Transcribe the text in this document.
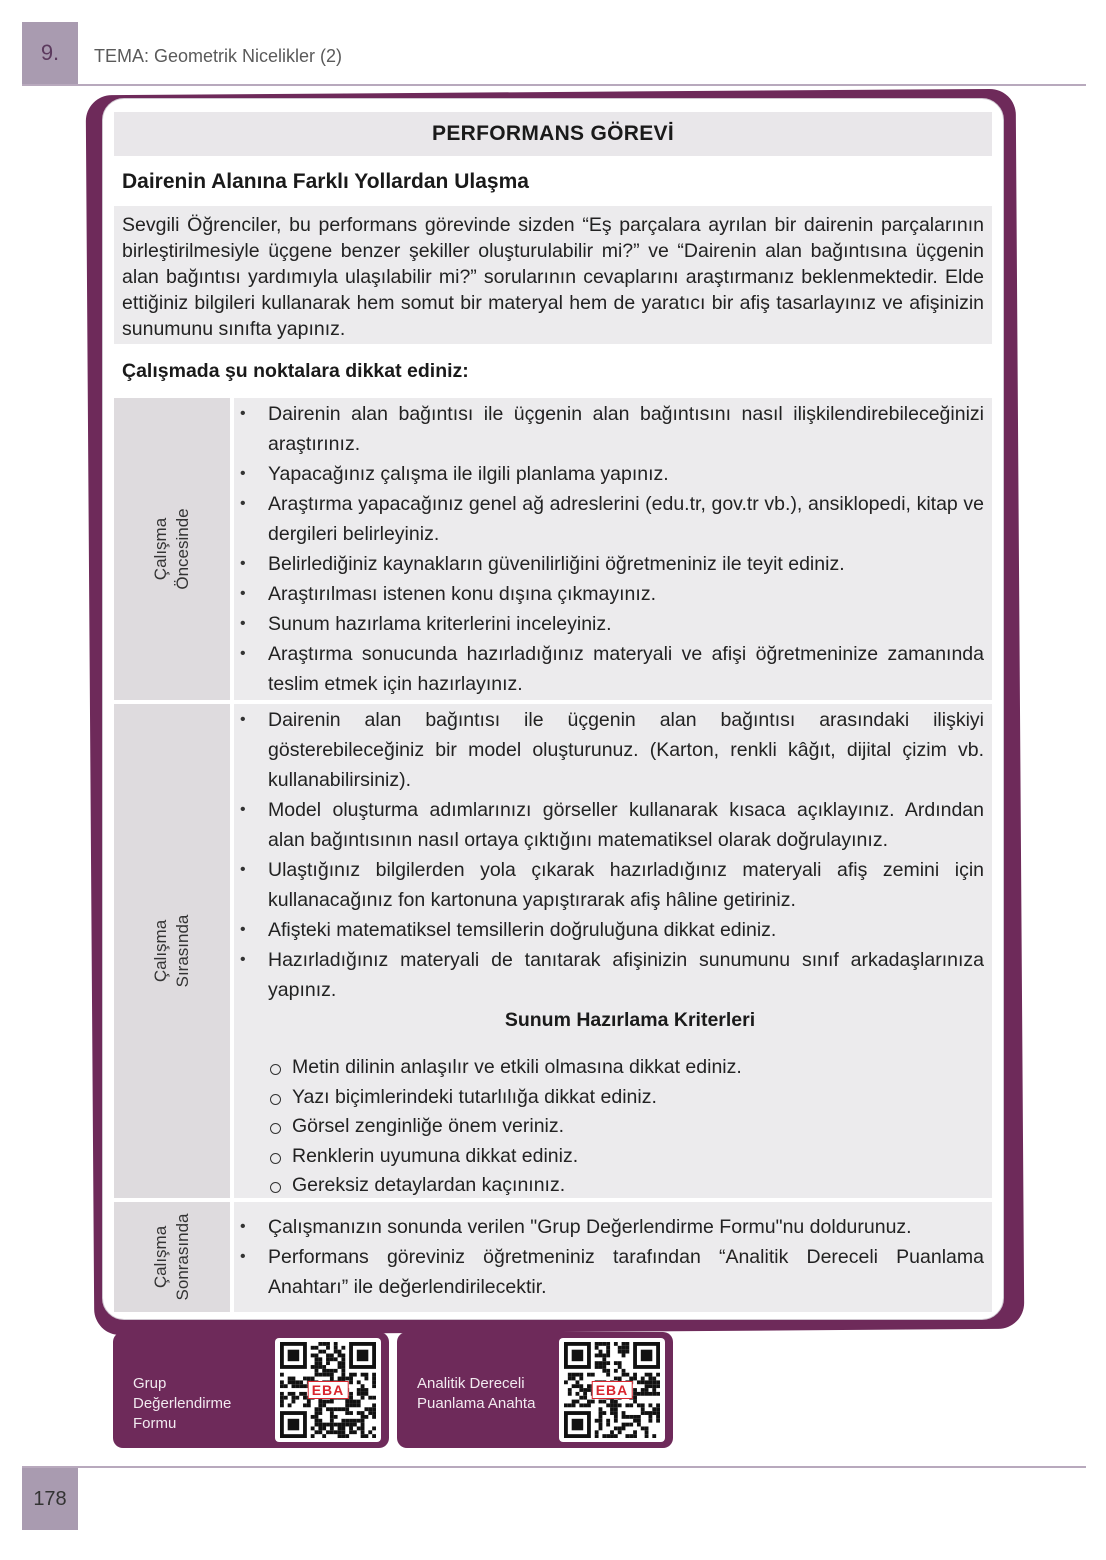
9. TEMA: Geometrik Nicelikler (2)
PERFORMANS GÖREVİ
Dairenin Alanına Farklı Yollardan Ulaşma

Sevgili Öğrenciler, bu performans görevinde sizden “Eş parçalara ayrılan bir dairenin parçalarının birleştirilmesiyle üçgene benzer şekiller oluşturulabilir mi?” ve “Dairenin alan bağıntısına üçgenin alan bağıntısı yardımıyla ulaşılabilir mi?” sorularının cevaplarını araştırmanız beklenmektedir. Elde ettiğiniz bilgileri kullanarak hem somut bir materyal hem de yaratıcı bir afiş tasarlayınız ve afişinizin sunumunu sınıfta yapınız.

Çalışmada şu noktalara dikkat ediniz:
Çalışma Öncesinde
• Dairenin alan bağıntısı ile üçgenin alan bağıntısını nasıl ilişkilendirebileceğinizi araştırınız.
• Yapacağınız çalışma ile ilgili planlama yapınız.
• Araştırma yapacağınız genel ağ adreslerini (edu.tr, gov.tr vb.), ansiklopedi, kitap ve dergileri belirleyiniz.
• Belirlediğiniz kaynakların güvenilirliğini öğretmeniniz ile teyit ediniz.
• Araştırılması istenen konu dışına çıkmayınız.
• Sunum hazırlama kriterlerini inceleyiniz.
• Araştırma sonucunda hazırladığınız materyali ve afişi öğretmeninize zamanında teslim etmek için hazırlayınız.
Çalışma Sırasında
• Dairenin alan bağıntısı ile üçgenin alan bağıntısı arasındaki ilişkiyi gösterebileceğiniz bir model oluşturunuz. (Karton, renkli kâğıt, dijital çizim vb. kullanabilirsiniz).
• Model oluşturma adımlarınızı görseller kullanarak kısaca açıklayınız. Ardından alan bağıntısının nasıl ortaya çıktığını matematiksel olarak doğrulayınız.
• Ulaştığınız bilgilerden yola çıkarak hazırladığınız materyali afiş zemini için kullanacağınız fon kartonuna yapıştırarak afiş hâline getiriniz.
• Afişteki matematiksel temsillerin doğruluğuna dikkat ediniz.
• Hazırladığınız materyali de tanıtarak afişinizin sunumunu sınıf arkadaşlarınıza yapınız.
Sunum Hazırlama Kriterleri
Metin dilinin anlaşılır ve etkili olmasına dikkat ediniz.
Yazı biçimlerindeki tutarlılığa dikkat ediniz.
Görsel zenginliğe önem veriniz.
Renklerin uyumuna dikkat ediniz.
Gereksiz detaylardan kaçınınız.
Çalışma Sonrasında
•	Çalışmanızın sonunda verilen "Grup Değerlendirme Formu"nu doldurunuz.
• Performans göreviniz öğretmeniniz tarafından “Analitik Dereceli Puanlama Anahtarı” ile değerlendirilecektir.
Grup Değerlendirme
Formu
EBA	Analitik Dereceli
Puanlama Anahta
EBA
178
